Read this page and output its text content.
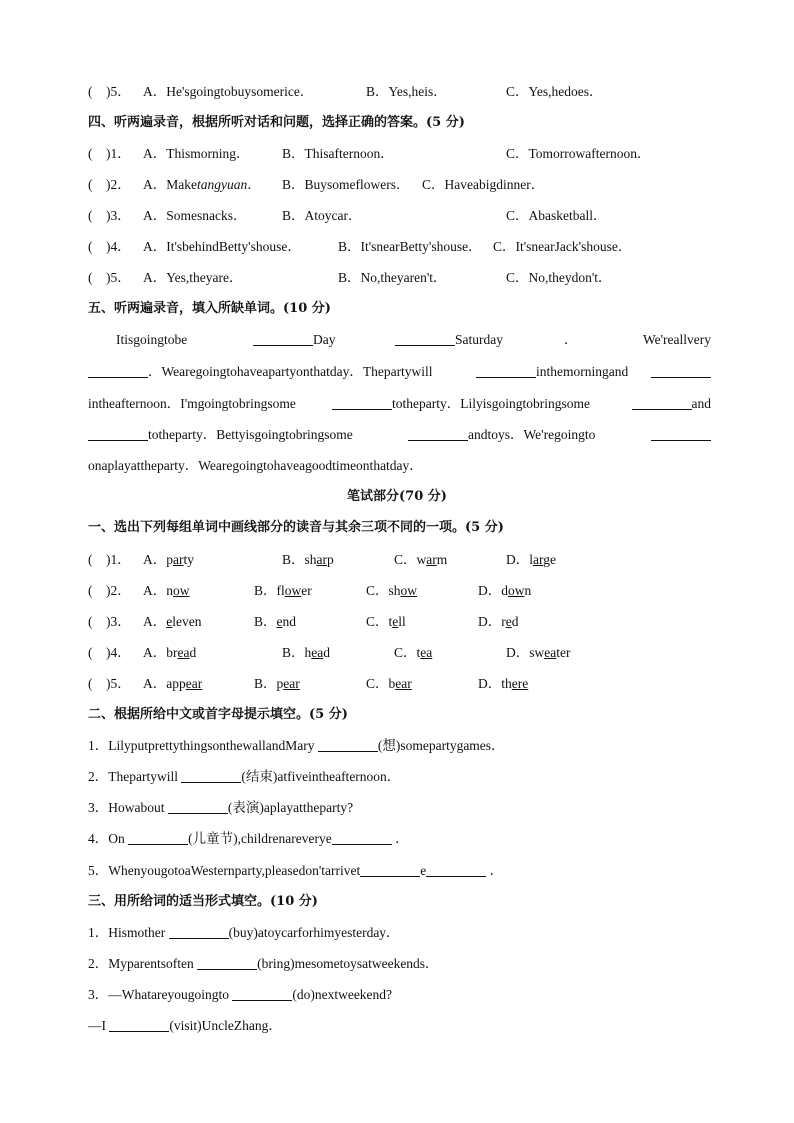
(    )5． A．He'sgoingtobuysomerice．	B．Yes,heis．	C．Yes,hedoes．
四、听两遍录音，根据所听对话和问题，选择正确的答案。(5 分)
(    )1． A．Thismorning． B．Thisafternoon．	C．Tomorrowafternoon．
(    )2． A．Maketangyuan． B．Buysomeflowers． C．Haveabigdinner．
(    )3． A．Somesnacks．	B．Atoycar．	C．Abasketball．
(    )4． A．It'sbehindBetty'shouse．	B．It'snearBetty'shouse． C．It'snearJack'shouse．
(    )5． A．Yes,theyare．	B．No,theyaren't．	C．No,theydon't．
五、听两遍录音，填入所缺单词。(10 分)
Itisgoingtobe	Day	Saturday	．	We'reallvery
．Wearegoingtohaveapartyonthatday．Thepartywill	inthemorningand
intheafternoon．I'mgoingtobringsome	totheparty．Lilyisgoingtobringsome	and
totheparty．Bettyisgoingtobringsome	andtoys．We'regoingto
onaplayattheparty．Wearegoingtohaveagoodtimeonthatday．
笔试部分(70 分)
一、选出下列每组单词中画线部分的读音与其余三项不同的一项。(5 分)
(    )1． A．party	B．sharp	C．warm	D．large
(    )2． A．now	B．flower	C．show	D．down
(    )3． A．eleven	B．end	C．tell	D．red
(    )4． A．bread	B．head	C．tea	D．sweater
(    )5． A．appear	B．pear	C．bear	D．there
二、根据所给中文或首字母提示填空。(5 分)
1．LilyputprettythingsonthewallandMary	(想)somepartygames．
2．Thepartywill	(结束)atfiveintheafternoon．
3．Howabout	(表演)aplayattheparty?
4．On	(儿童节),childrenareverye	．
5．WhenyougotoaWesternparty,pleasedon'tarrivet	e	．
三、用所给词的适当形式填空。(10 分)
1．Hismother	(buy)atoycarforhimyesterday．
2．Myparentsoften	(bring)mesometoysatweekends．
3．—Whatareyougoingto	(do)nextweekend?
—I	(visit)UncleZhang．
